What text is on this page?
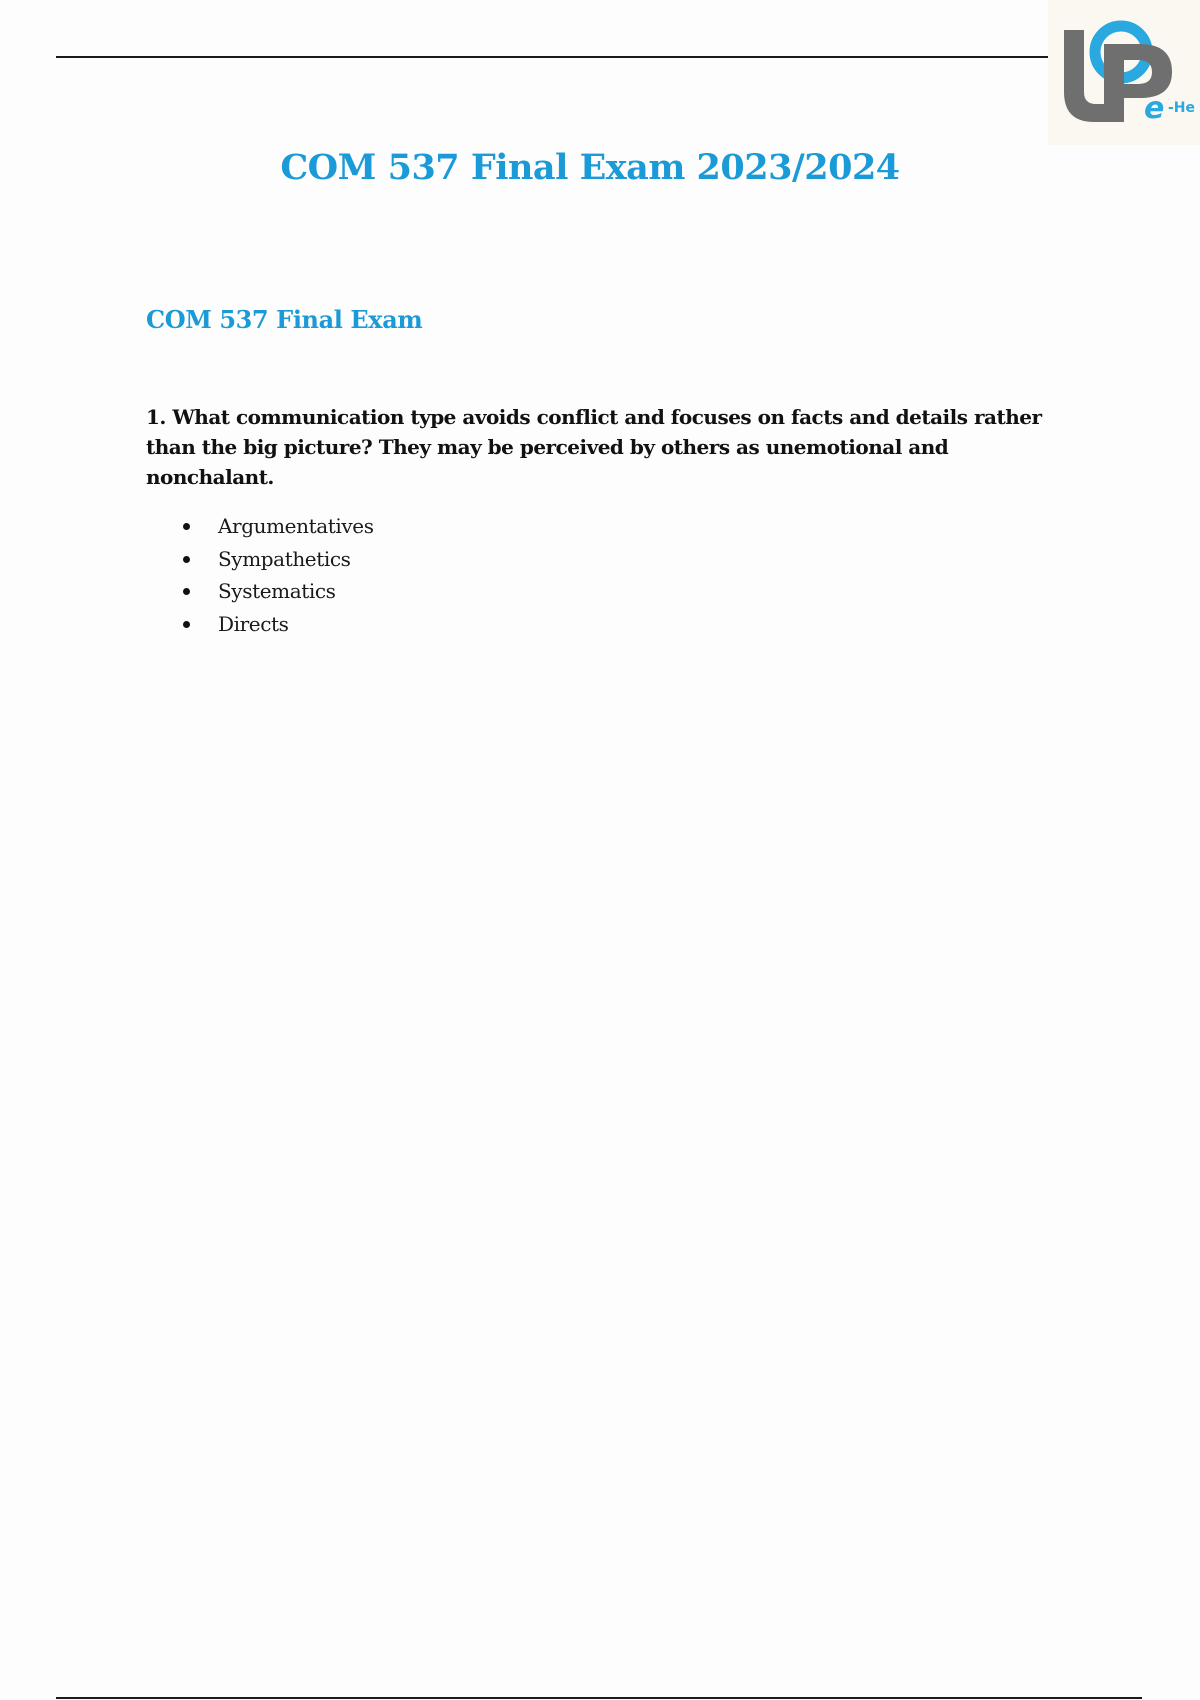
e -He
COM 537 Final Exam 2023/2024
COM 537 Final Exam

1. What communication type avoids conflict and focuses on facts and details rather than the big picture? They may be perceived by others as unemotional and nonchalant.

Argumentatives
Sympathetics
Systematics
Directs
